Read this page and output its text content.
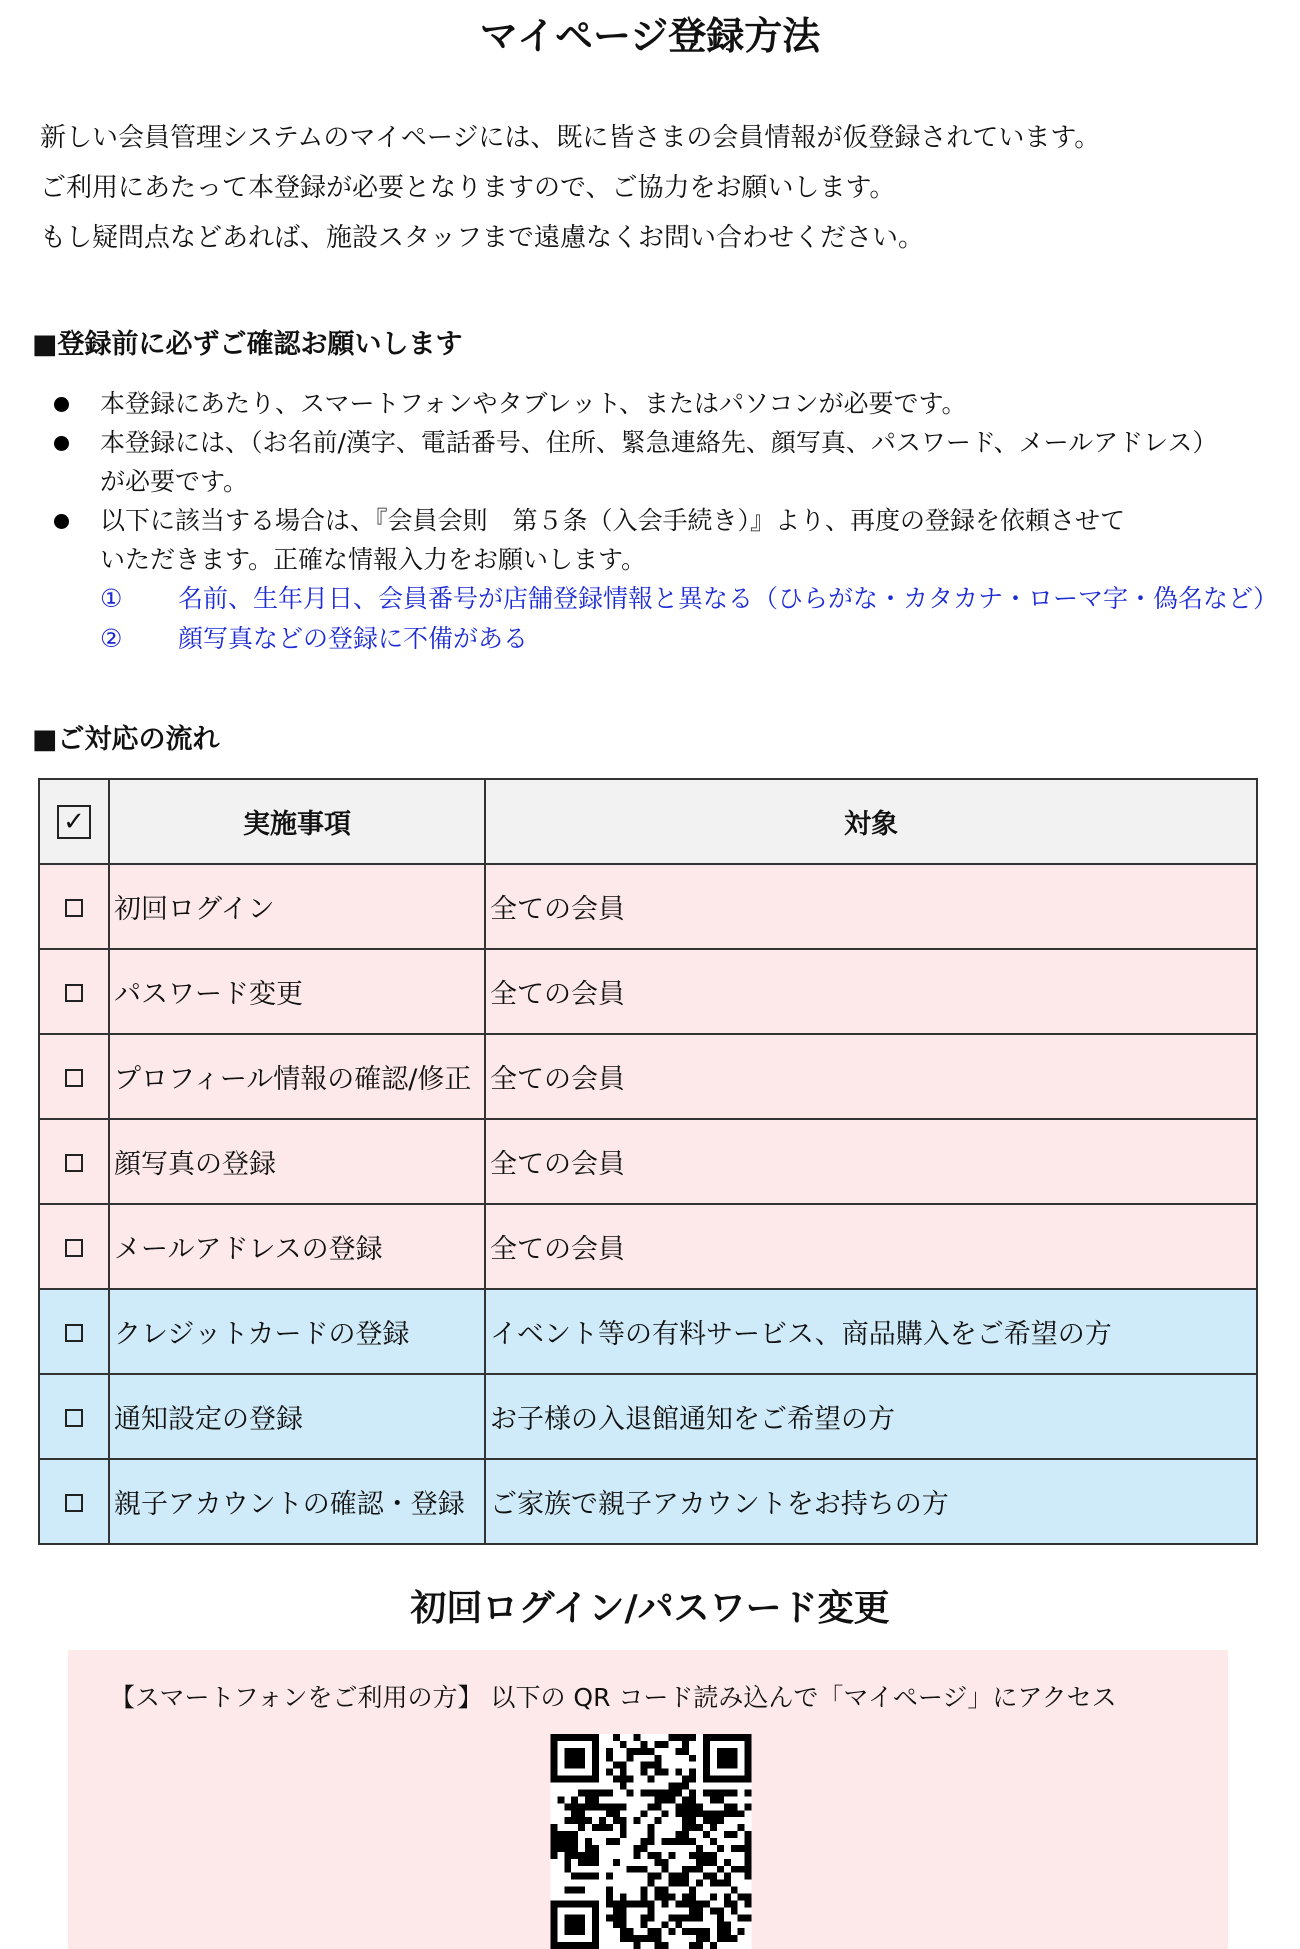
マイページ登録方法

新しい会員管理システムのマイページには、既に皆さまの会員情報が仮登録されています。

ご利用にあたって本登録が必要となりますので、ご協力をお願いします。

もし疑問点などあれば、施設スタッフまで遠慮なくお問い合わせください。

■登録前に必ずご確認お願いします
本登録にあたり、スマートフォンやタブレット、またはパソコンが必要です。
本登録には、（お名前/漢字、電話番号、住所、緊急連絡先、顔写真、パスワード、メールアドレス）
が必要です。
以下に該当する場合は、『会員会則　第５条（入会手続き）』より、再度の登録を依頼させて
いただきます。正確な情報入力をお願いします。
① 名前、生年月日、会員番号が店舗登録情報と異なる（ひらがな・カタカナ・ローマ字・偽名など）
② 顔写真などの登録に不備がある
■ご対応の流れ
✓	実施事項	対象
	初回ログイン	全ての会員
	パスワード変更	全ての会員
	プロフィール情報の確認/修正	全ての会員
	顔写真の登録	全ての会員
	メールアドレスの登録	全ての会員
	クレジットカードの登録	イベント等の有料サービス、商品購入をご希望の方
	通知設定の登録	お子様の入退館通知をご希望の方
	親子アカウントの確認・登録	ご家族で親子アカウントをお持ちの方
初回ログイン/パスワード変更
【スマートフォンをご利用の方】 以下の QR コード読み込んで「マイページ」にアクセス
